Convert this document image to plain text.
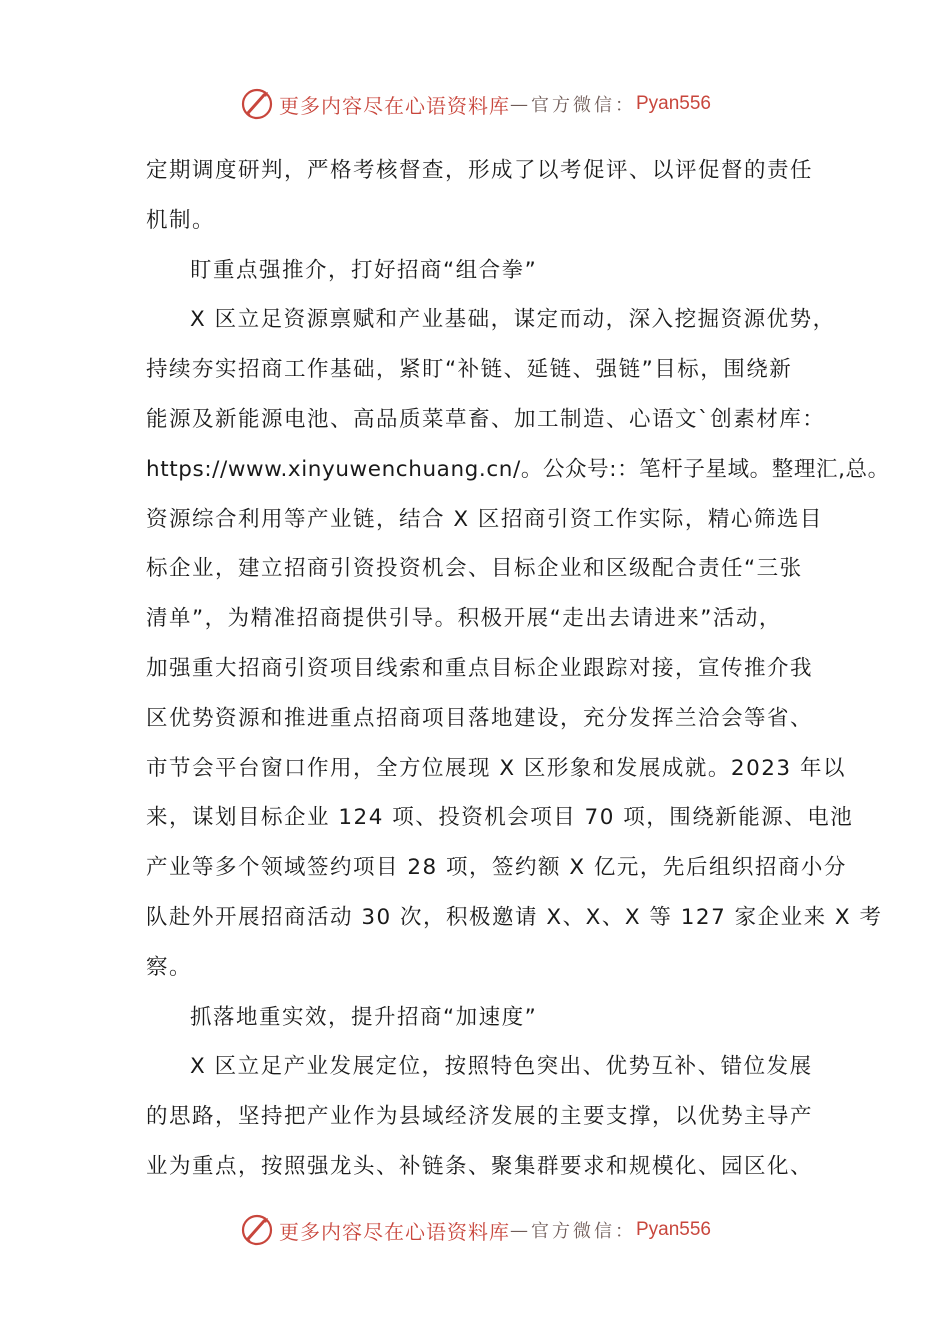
更多内容尽在心语资料库 — 官方微信： Pyan556
定期调度研判，严格考核督查，形成了以考促评、以评促督的责任
机制。
盯重点强推介，打好招商“组合拳”
X 区立足资源禀赋和产业基础，谋定而动，深入挖掘资源优势，
持续夯实招商工作基础，紧盯“补链、延链、强链”目标，围绕新
能源及新能源电池、高品质菜草畜、加工制造、心语文`创素材库：
https://www.xinyuwenchuang.cn/。公众号:：笔杆子星域。整理汇,总。
资源综合利用等产业链，结合 X 区招商引资工作实际，精心筛选目
标企业，建立招商引资投资机会、目标企业和区级配合责任“三张
清单”，为精准招商提供引导。积极开展“走出去请进来”活动，
加强重大招商引资项目线索和重点目标企业跟踪对接，宣传推介我
区优势资源和推进重点招商项目落地建设，充分发挥兰洽会等省、
市节会平台窗口作用，全方位展现 X 区形象和发展成就。2023 年以
来，谋划目标企业 124 项、投资机会项目 70 项，围绕新能源、电池
产业等多个领域签约项目 28 项，签约额 X 亿元，先后组织招商小分
队赴外开展招商活动 30 次，积极邀请 X、X、X 等 127 家企业来 X 考
察。
抓落地重实效，提升招商“加速度”
X 区立足产业发展定位，按照特色突出、优势互补、错位发展
的思路，坚持把产业作为县域经济发展的主要支撑，以优势主导产
业为重点，按照强龙头、补链条、聚集群要求和规模化、园区化、
更多内容尽在心语资料库 — 官方微信： Pyan556
